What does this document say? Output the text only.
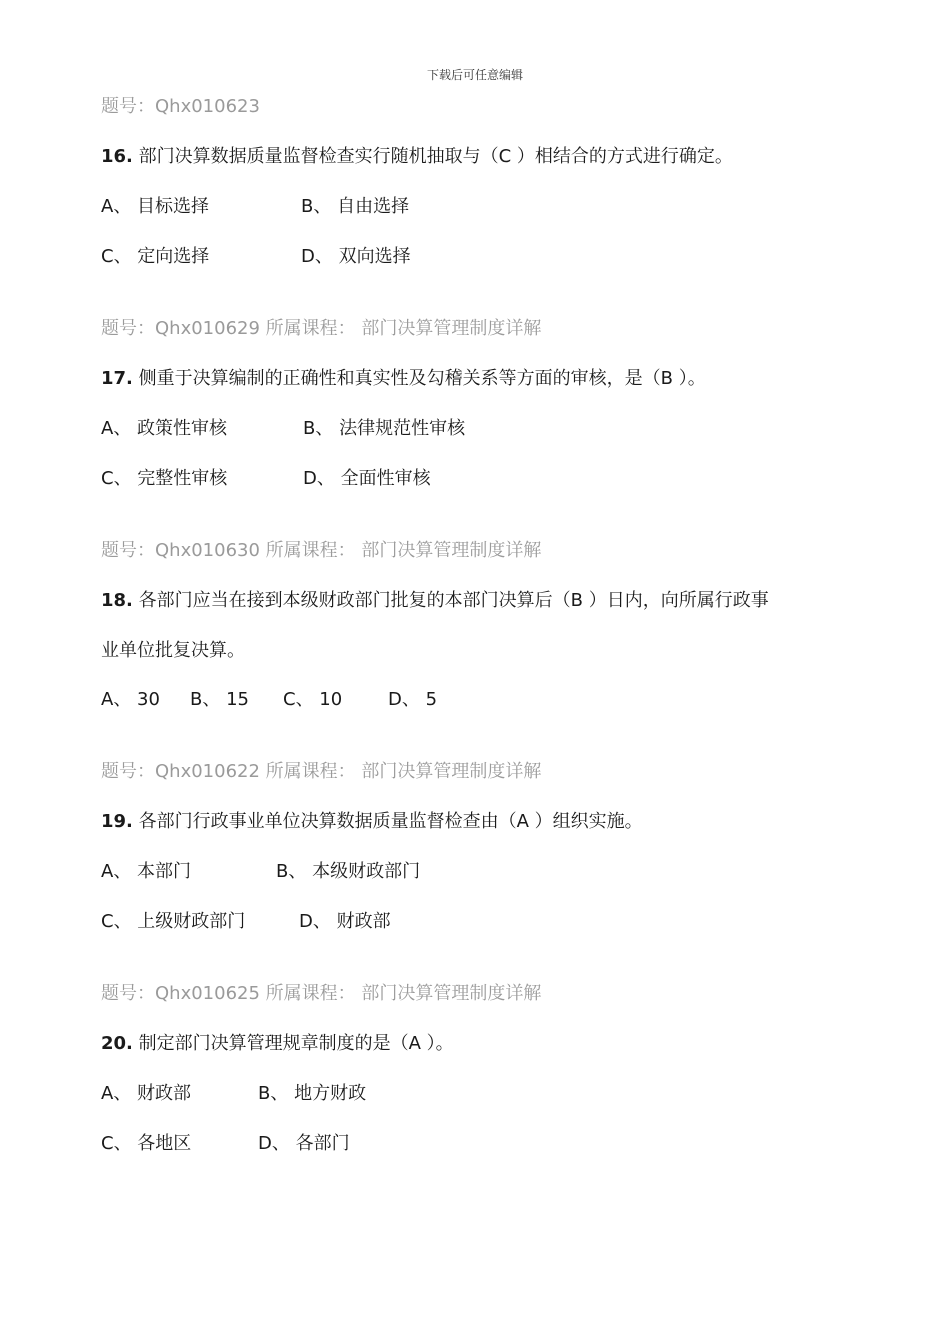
下载后可任意编辑
题号：Qhx010623
16. 部门决算数据质量监督检查实行随机抽取与（C ）相结合的方式进行确定。
A、 目标选择	B、 自由选择
C、 定向选择	D、 双向选择
题号：Qhx010629 所属课程： 部门决算管理制度详解
17. 侧重于决算编制的正确性和真实性及勾稽关系等方面的审核，是（B ）。
A、 政策性审核	B、 法律规范性审核
C、 完整性审核	D、 全面性审核
题号：Qhx010630 所属课程： 部门决算管理制度详解
18. 各部门应当在接到本级财政部门批复的本部门决算后（B ）日内，向所属行政事
业单位批复决算。
A、 30 B、 15 C、 10	D、 5
题号：Qhx010622 所属课程： 部门决算管理制度详解
19. 各部门行政事业单位决算数据质量监督检查由（A ）组织实施。
A、 本部门	B、 本级财政部门
C、 上级财政部门	D、 财政部
题号：Qhx010625 所属课程： 部门决算管理制度详解
20. 制定部门决算管理规章制度的是（A ）。
A、 财政部	B、 地方财政
C、 各地区	D、 各部门
